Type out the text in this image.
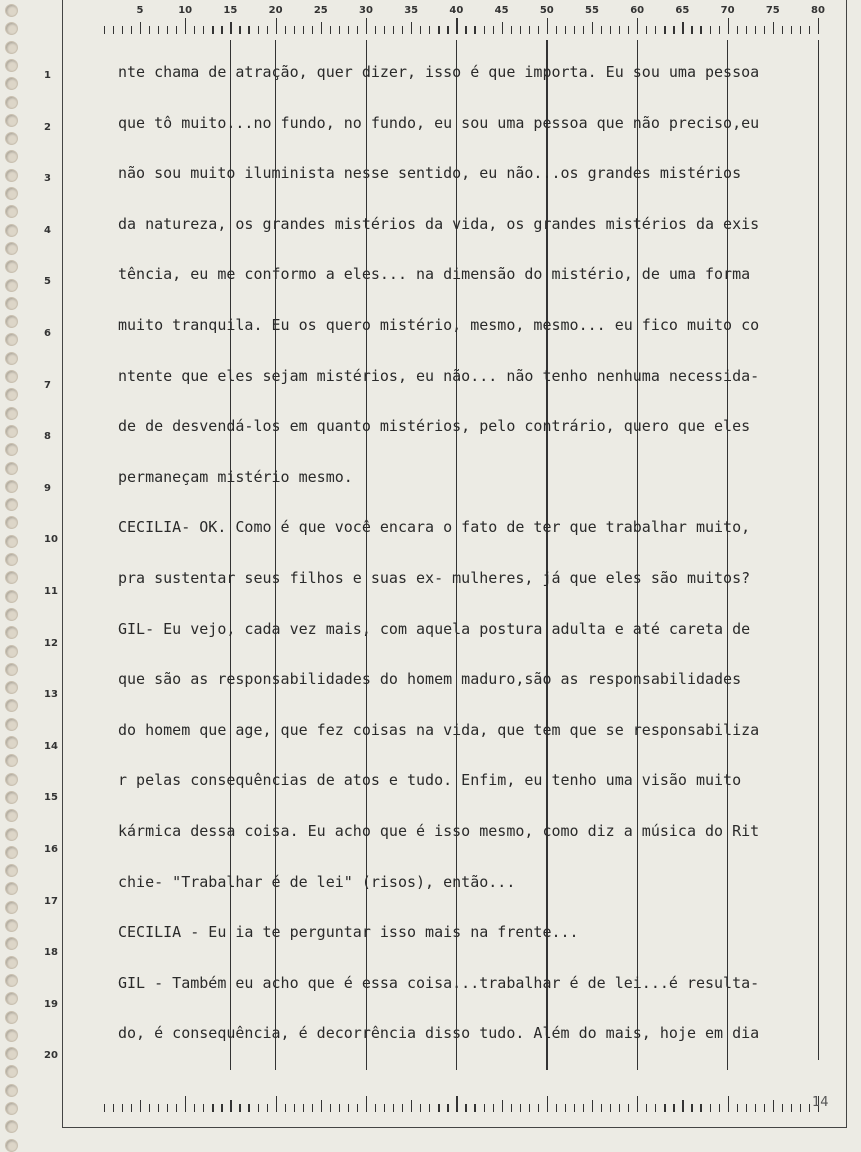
5	10	15	20	25	30	35	40	45	50	55	60	65	70	75	80
1
2
3
4
5
6
7
8
9
10
11
12
13
14
15
16
17
18
19
20
nte chama de atração, quer dizer, isso é que importa. Eu sou uma pessoa
que tô muito...no fundo, no fundo, eu sou uma pessoa que não preciso,eu
não sou muito iluminista nesse sentido, eu não...os grandes mistérios
da natureza, os grandes mistérios da vida, os grandes mistérios da exis
tência, eu me conformo a eles... na dimensão do mistério, de uma forma
muito tranquila. Eu os quero mistério, mesmo, mesmo... eu fico muito co
ntente que eles sejam mistérios, eu não... não tenho nenhuma necessida-
de de desvendá-los em quanto mistérios, pelo contrário, quero que eles
permaneçam mistério mesmo.
CECILIA- OK. Como é que você encara o fato de ter que trabalhar muito,
pra sustentar seus filhos e suas ex- mulheres, já que eles são muitos?
GIL- Eu vejo, cada vez mais, com aquela postura adulta e até careta de
que são as responsabilidades do homem maduro,são as responsabilidades
do homem que age, que fez coisas na vida, que tem que se responsabiliza
r pelas consequências de atos e tudo. Enfim, eu tenho uma visão muito
kármica dessa coisa. Eu acho que é isso mesmo, como diz a música do Rit
chie- "Trabalhar é de lei" (risos), então...
CECILIA - Eu ia te perguntar isso mais na frente...
GIL - Também eu acho que é essa coisa...trabalhar é de lei...é resulta-
do, é consequência, é decorrência disso tudo. Além do mais, hoje em dia
14
